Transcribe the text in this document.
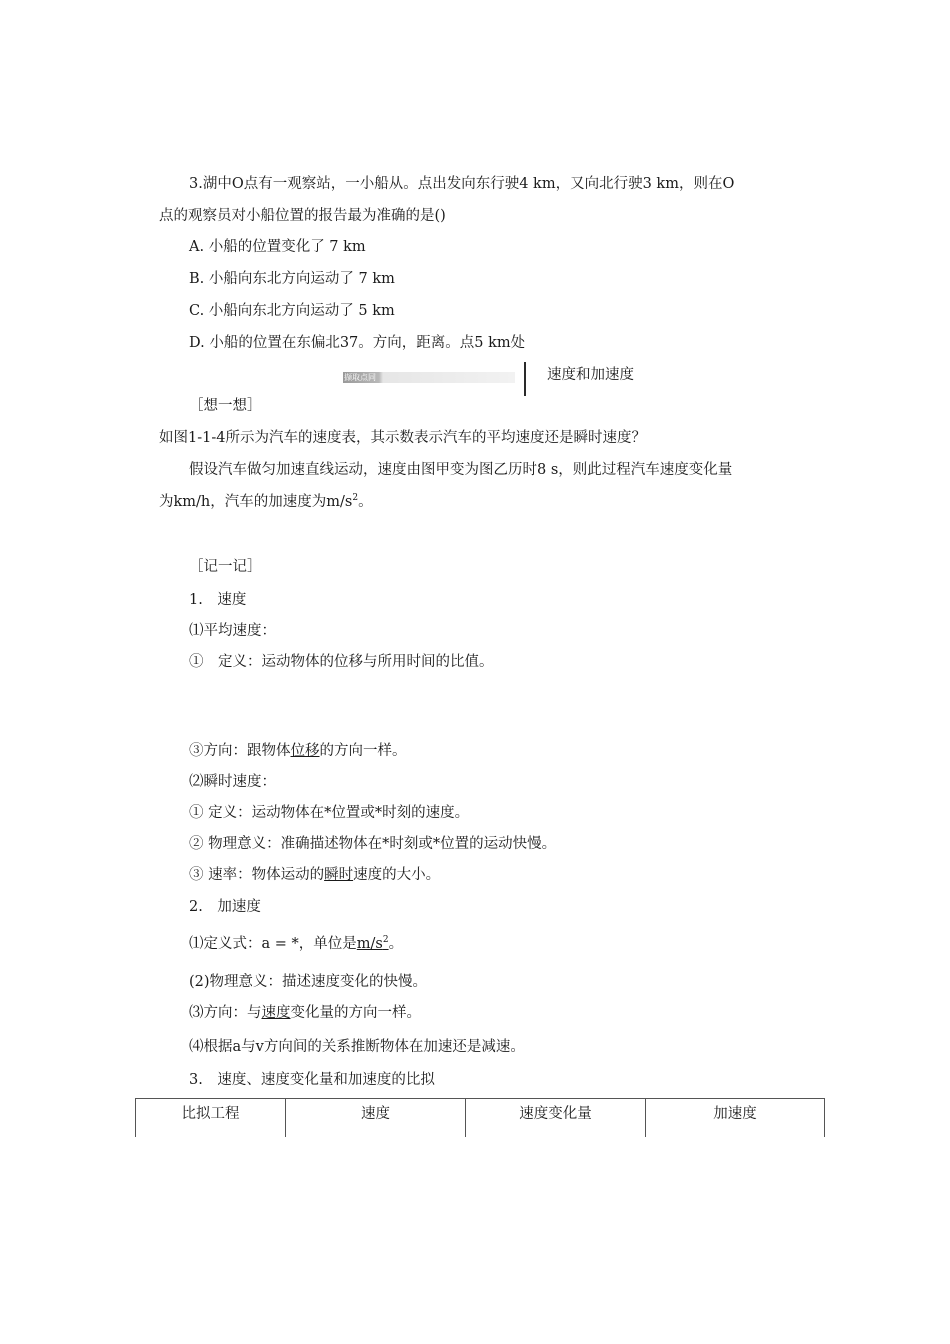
3.湖中O点有一观察站，一小船从。点出发向东行驶4 km，又向北行驶3 km，则在O
点的观察员对小船位置的报告最为准确的是()
A. 小船的位置变化了 7 km
B. 小船向东北方向运动了 7 km
C. 小船向东北方向运动了 5 km
D. 小船的位置在东偏北37。方向，距离。点5 km处
撷取点同	速度和加速度
［想一想］
如图1-1-4所示为汽车的速度表，其示数表示汽车的平均速度还是瞬时速度？
假设汽车做匀加速直线运动，速度由图甲变为图乙历时8 s，则此过程汽车速度变化量
为km/h，汽车的加速度为$m/s^2$。
［记一记］
1.　速度
⑴平均速度：
①　定义：运动物体的位移与所用时间的比值。
③方向：跟物体位移的方向一样。
⑵瞬时速度：
① 定义：运动物体在*位置或*时刻的速度。
② 物理意义：准确描述物体在*时刻或*位置的运动快慢。
③ 速率：物体运动的瞬时速度的大小。
2.　加速度
⑴定义式：a = *，单位是$m/s^2$。
(2)物理意义：描述速度变化的快慢。
⑶方向：与速度变化量的方向一样。
⑷根据a与v方向间的关系推断物体在加速还是减速。
3.　速度、速度变化量和加速度的比拟
比拟工程	速度	速度变化量	加速度
